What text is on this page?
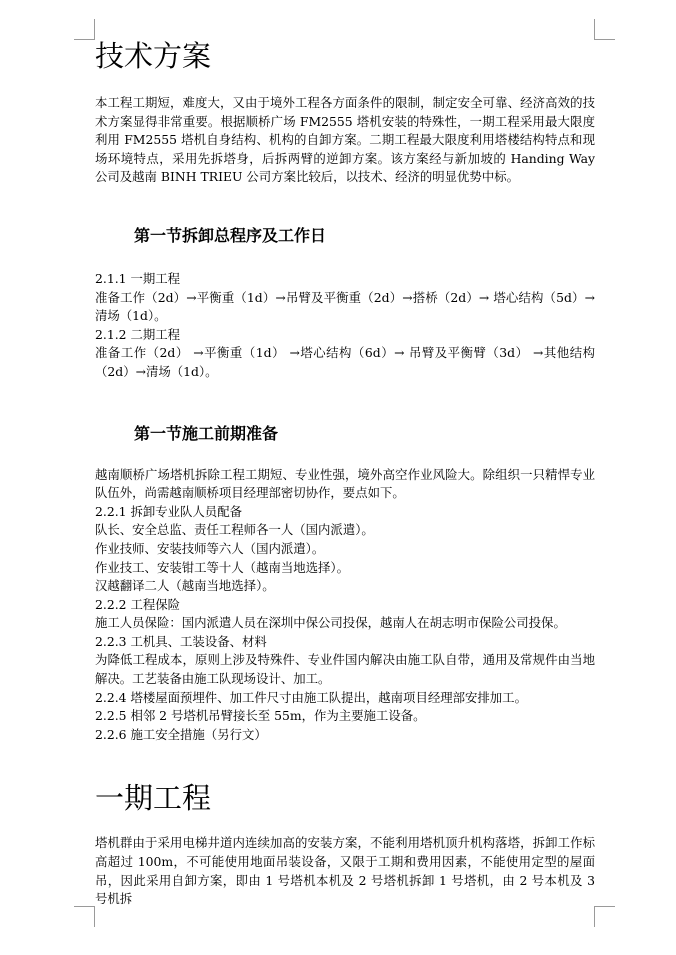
技术方案

本工程工期短，难度大，又由于境外工程各方面条件的限制，制定安全可靠、经济高效的技术方案显得非常重要。根据顺桥广场 FM2555 塔机安装的特殊性，一期工程采用最大限度利用 FM2555 塔机自身结构、机构的自卸方案。二期工程最大限度利用塔楼结构特点和现场环境特点，采用先拆塔身，后拆两臂的逆卸方案。该方案经与新加坡的 Handing Way 公司及越南 BINH TRIEU 公司方案比较后，以技术、经济的明显优势中标。

第一节拆卸总程序及工作日

2.1.1 一期工程

准备工作（2d）→平衡重（1d）→吊臂及平衡重（2d）→搭桥（2d）→ 塔心结构（5d）→清场（1d）。

2.1.2 二期工程

准备工作（2d） →平衡重（1d） →塔心结构（6d）→ 吊臂及平衡臂（3d） →其他结构（2d）→清场（1d）。

第一节施工前期准备

越南顺桥广场塔机拆除工程工期短、专业性强，境外高空作业风险大。除组织一只精悍专业队伍外，尚需越南顺桥项目经理部密切协作，要点如下。

2.2.1 拆卸专业队人员配备

队长、安全总监、责任工程师各一人（国内派遣）。

作业技师、安装技师等六人（国内派遣）。

作业技工、安装钳工等十人（越南当地选择）。

汉越翻译二人（越南当地选择）。

2.2.2 工程保险

施工人员保险：国内派遣人员在深圳中保公司投保，越南人在胡志明市保险公司投保。

2.2.3 工机具、工装设备、材料

为降低工程成本，原则上涉及特殊件、专业件国内解决由施工队自带，通用及常规件由当地解决。工艺装备由施工队现场设计、加工。

2.2.4 塔楼屋面预埋件、加工件尺寸由施工队提出，越南项目经理部安排加工。

2.2.5 相邻 2 号塔机吊臂接长至 55m，作为主要施工设备。

2.2.6 施工安全措施（另行文）

一期工程

塔机群由于采用电梯井道内连续加高的安装方案，不能利用塔机顶升机构落塔，拆卸工作标高超过 100m，不可能使用地面吊装设备，又限于工期和费用因素，不能使用定型的屋面吊，因此采用自卸方案，即由 1 号塔机本机及 2 号塔机拆卸 1 号塔机，由 2 号本机及 3 号机拆
